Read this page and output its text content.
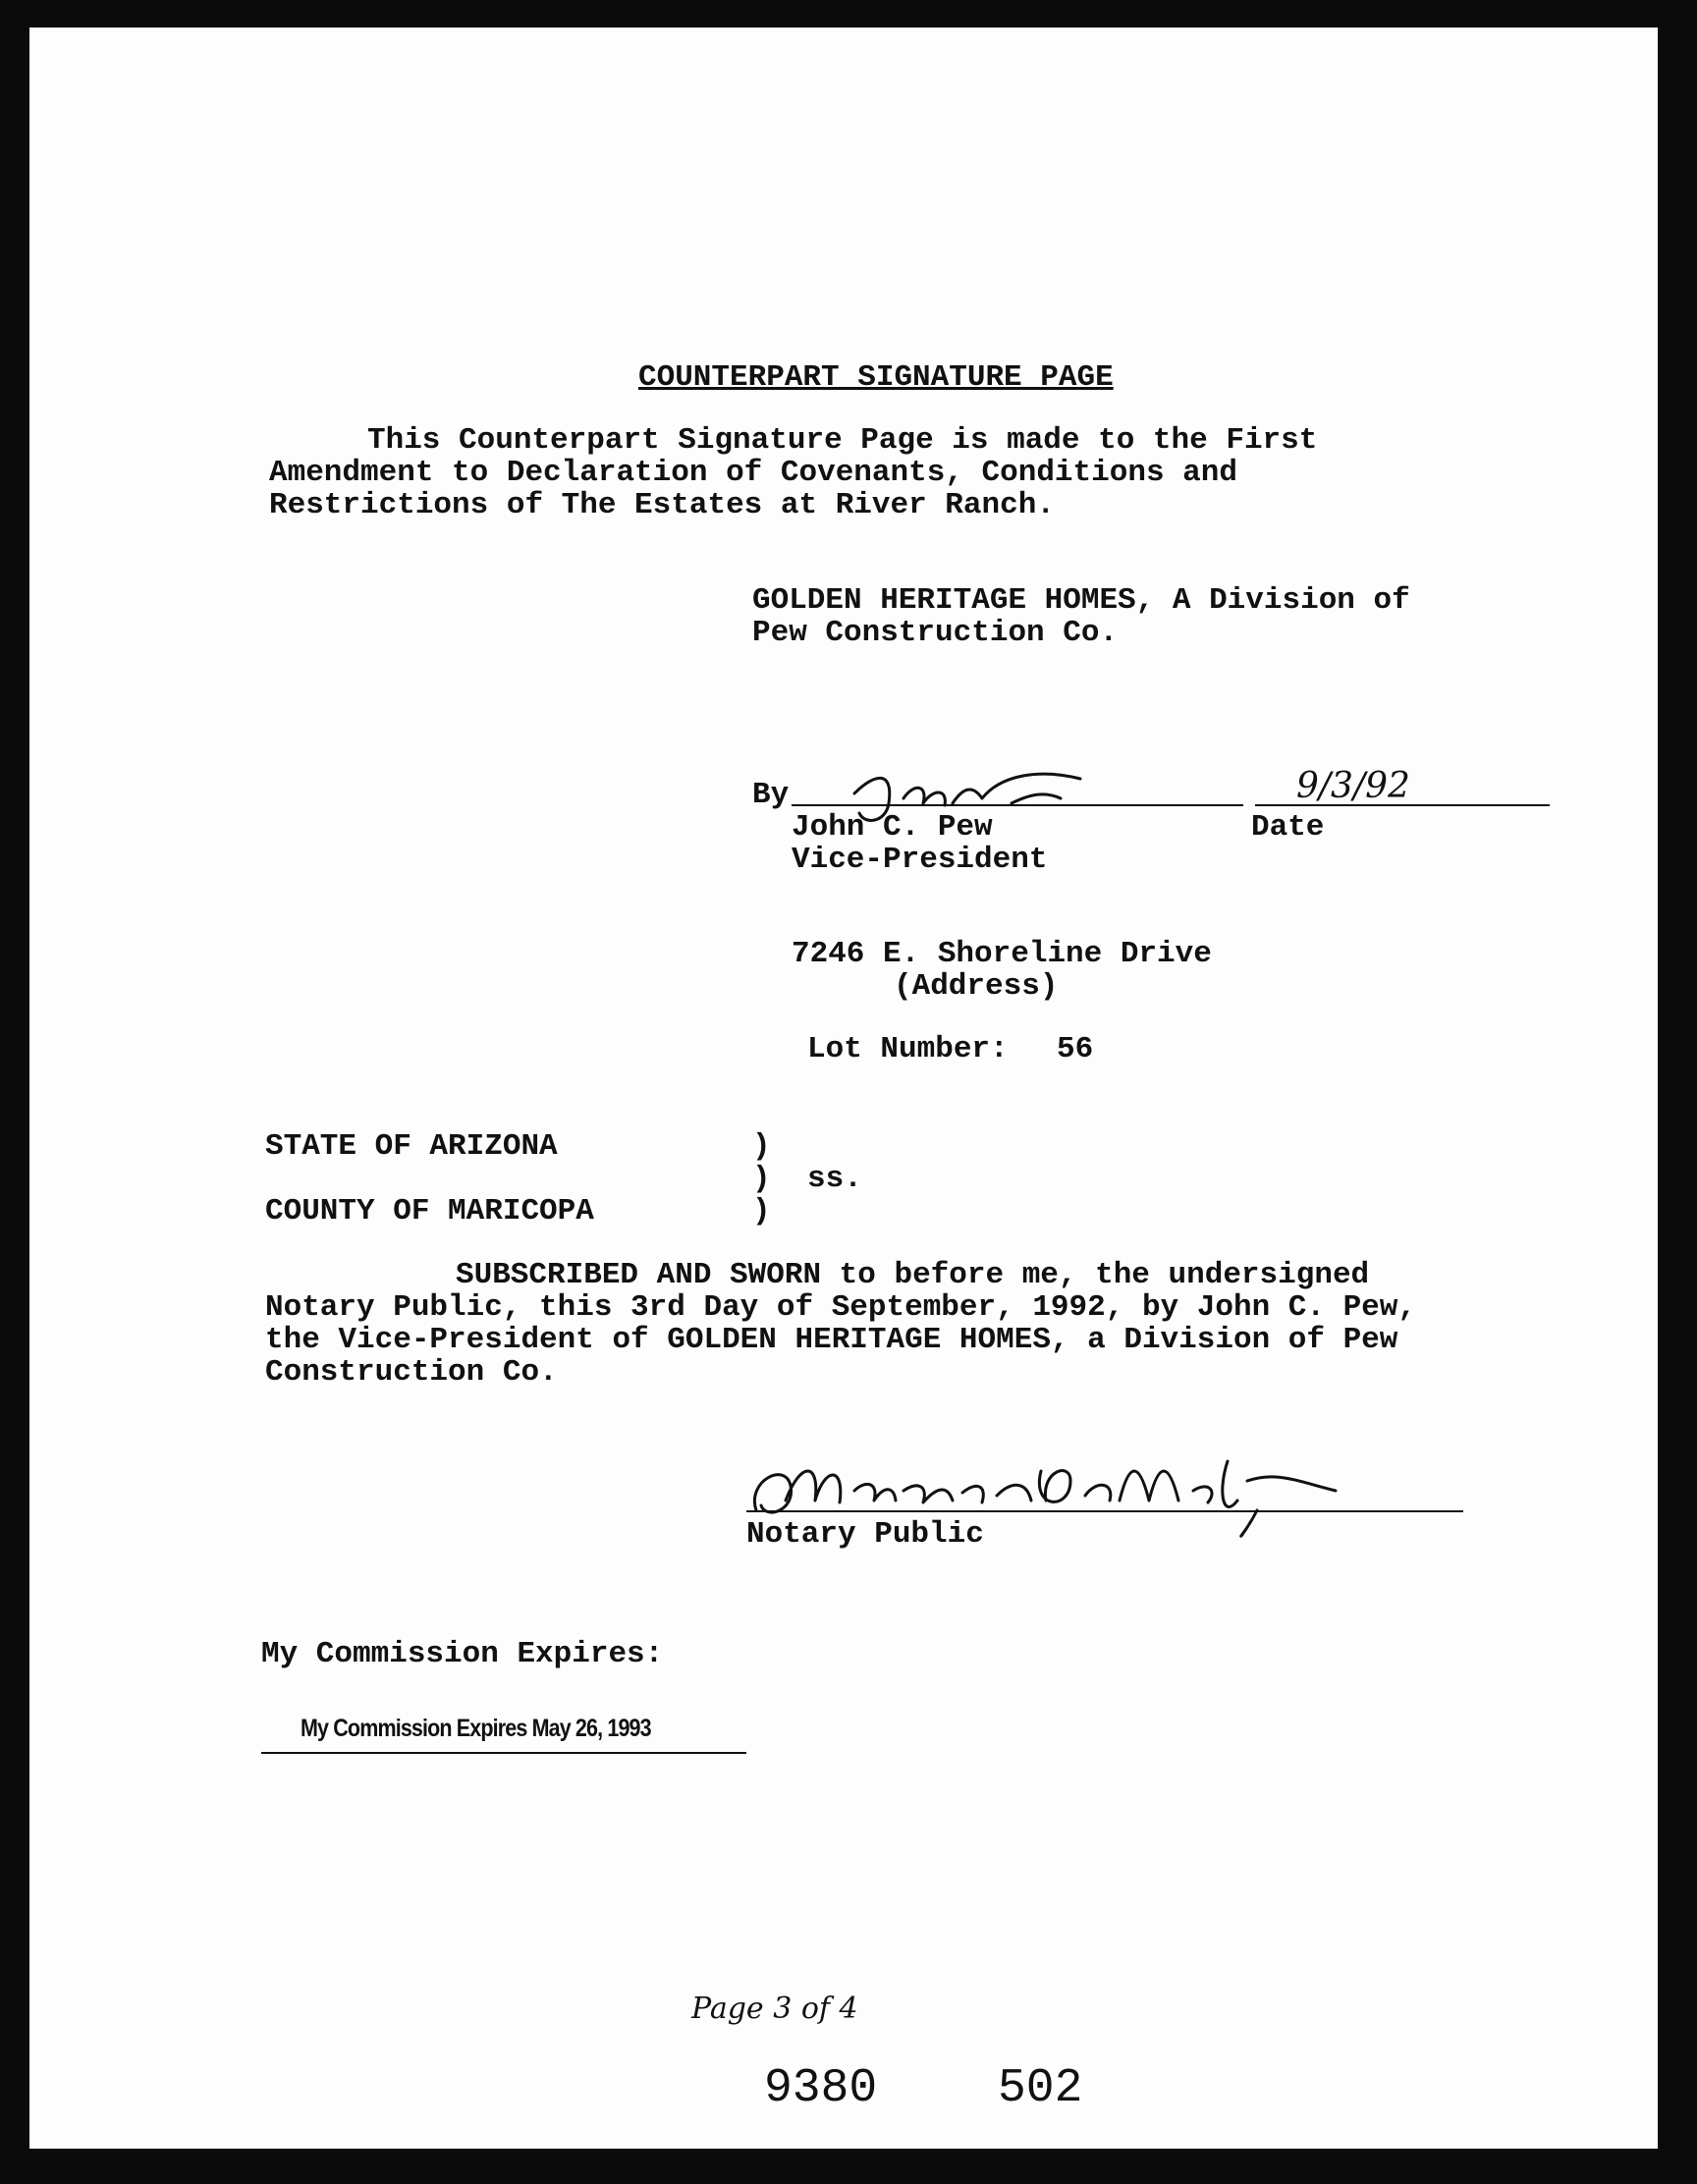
COUNTERPART SIGNATURE PAGE
This Counterpart Signature Page is made to the First
Amendment to Declaration of Covenants, Conditions and
Restrictions of The Estates at River Ranch.
GOLDEN HERITAGE HOMES, A Division of
Pew Construction Co.
By	9/3/92
John C. Pew	Date
Vice-President
7246 E. Shoreline Drive
(Address)
Lot Number: 56
STATE OF ARIZONA	)
) ss.
COUNTY OF MARICOPA	)
SUBSCRIBED AND SWORN to before me, the undersigned
Notary Public, this 3rd Day of September, 1992, by John C. Pew,
the Vice-President of GOLDEN HERITAGE HOMES, a Division of Pew
Construction Co.
Notary Public
My Commission Expires:
My Commission Expires May 26, 1993
Page 3 of 4
9380	502
